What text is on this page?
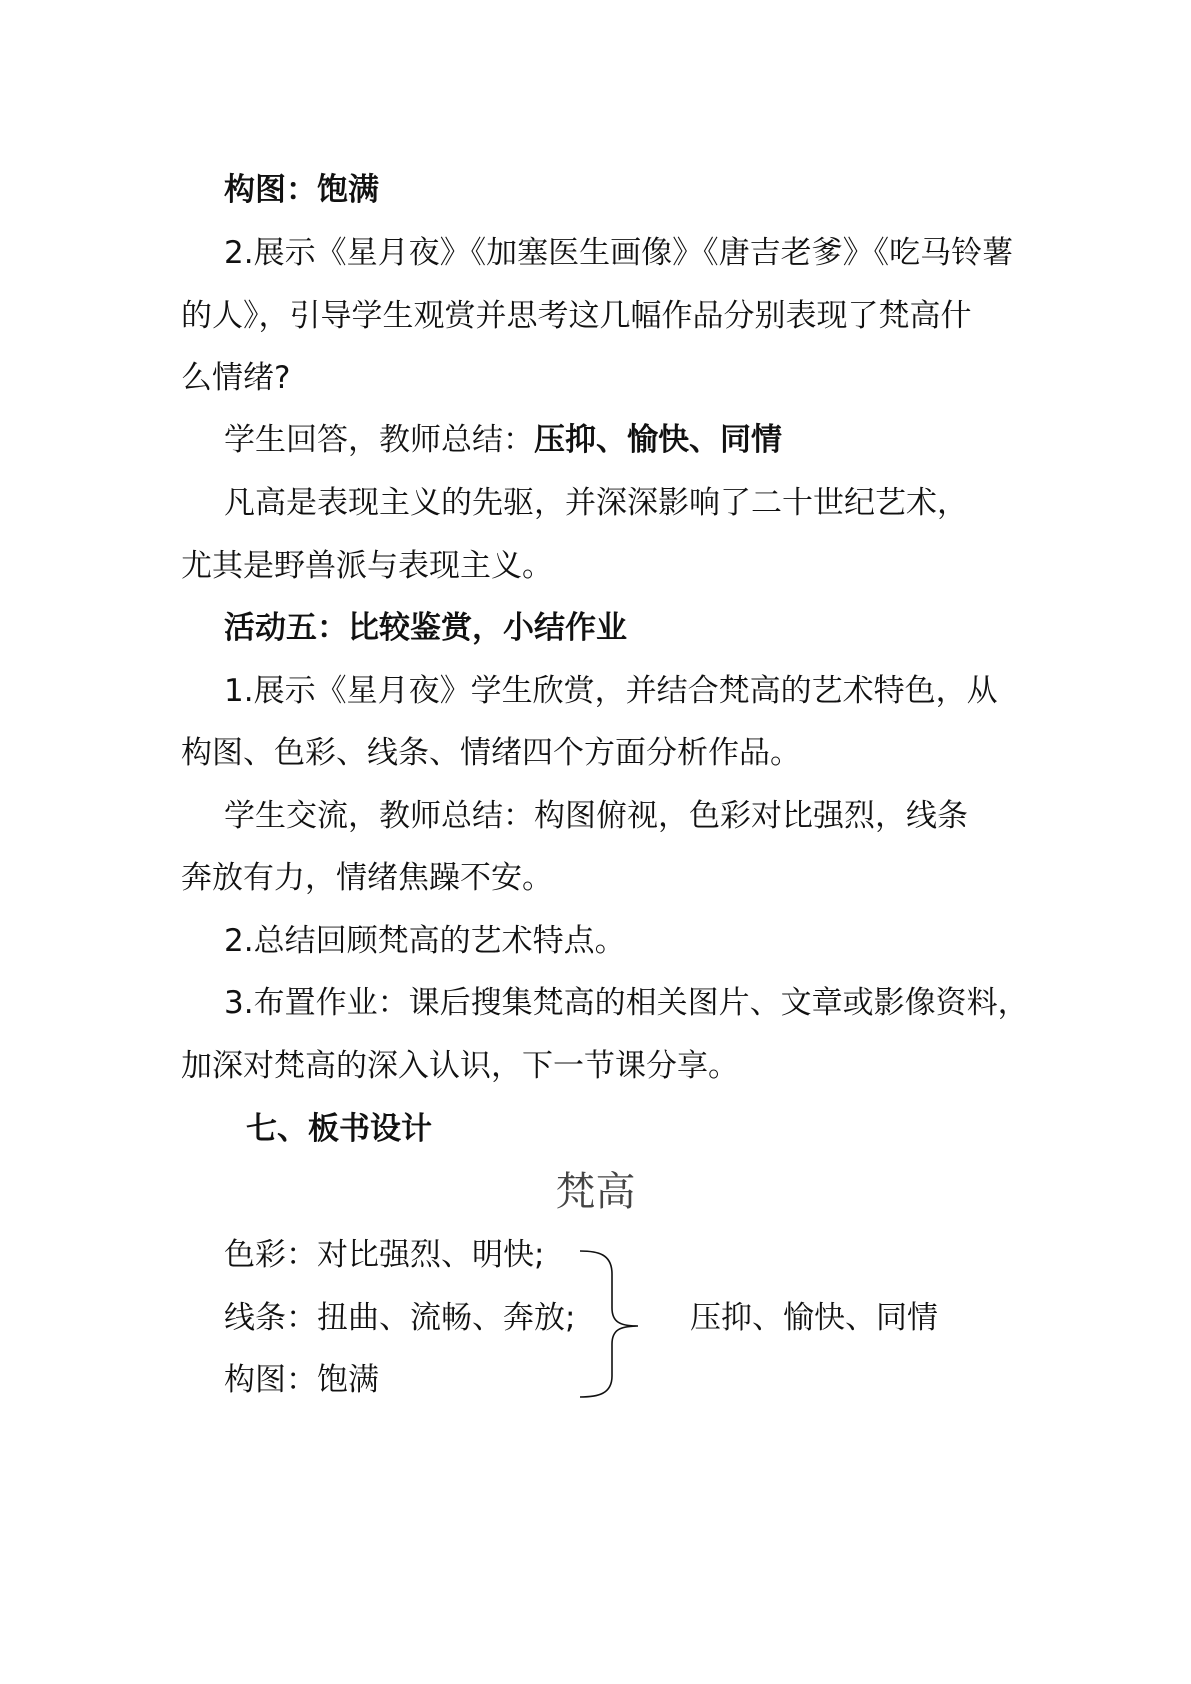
构图：饱满

2.展示《星月夜》《加塞医生画像》《唐吉老爹》《吃马铃薯

的人》，引导学生观赏并思考这几幅作品分别表现了梵高什

么情绪?

学生回答，教师总结：压抑、愉快、同情

凡高是表现主义的先驱，并深深影响了二十世纪艺术，

尤其是野兽派与表现主义。

活动五：比较鉴赏，小结作业

1.展示《星月夜》学生欣赏，并结合梵高的艺术特色，从

构图、色彩、线条、情绪四个方面分析作品。

学生交流，教师总结：构图俯视，色彩对比强烈，线条

奔放有力，情绪焦躁不安。

2.总结回顾梵高的艺术特点。

3.布置作业：课后搜集梵高的相关图片、文章或影像资料，

加深对梵高的深入认识，下一节课分享。

七、板书设计

梵高

色彩：对比强烈、明快;

线条：扭曲、流畅、奔放;

构图：饱满

压抑、愉快、同情
